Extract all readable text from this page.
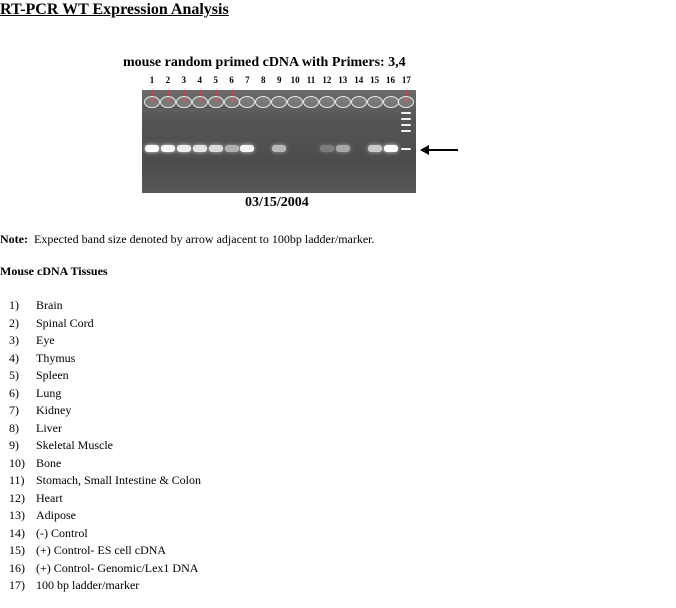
RT-PCR WT Expression Analysis
mouse random primed cDNA with Primers: 3,4
1	2	3	4	5	6	7	8	9	10 11 12 13 14 15 16 17
03/15/2004
Note: Expected band size denoted by arrow adjacent to 100bp ladder/marker.
Mouse cDNA Tissues
1) Brain
2) Spinal Cord
3) Eye
4) Thymus
5) Spleen
6) Lung
7) Kidney
8) Liver
9) Skeletal Muscle
10) Bone
11) Stomach, Small Intestine & Colon
12) Heart
13) Adipose
14) (-) Control
15) (+) Control- ES cell cDNA
16) (+) Control- Genomic/Lex1 DNA
17) 100 bp ladder/marker
